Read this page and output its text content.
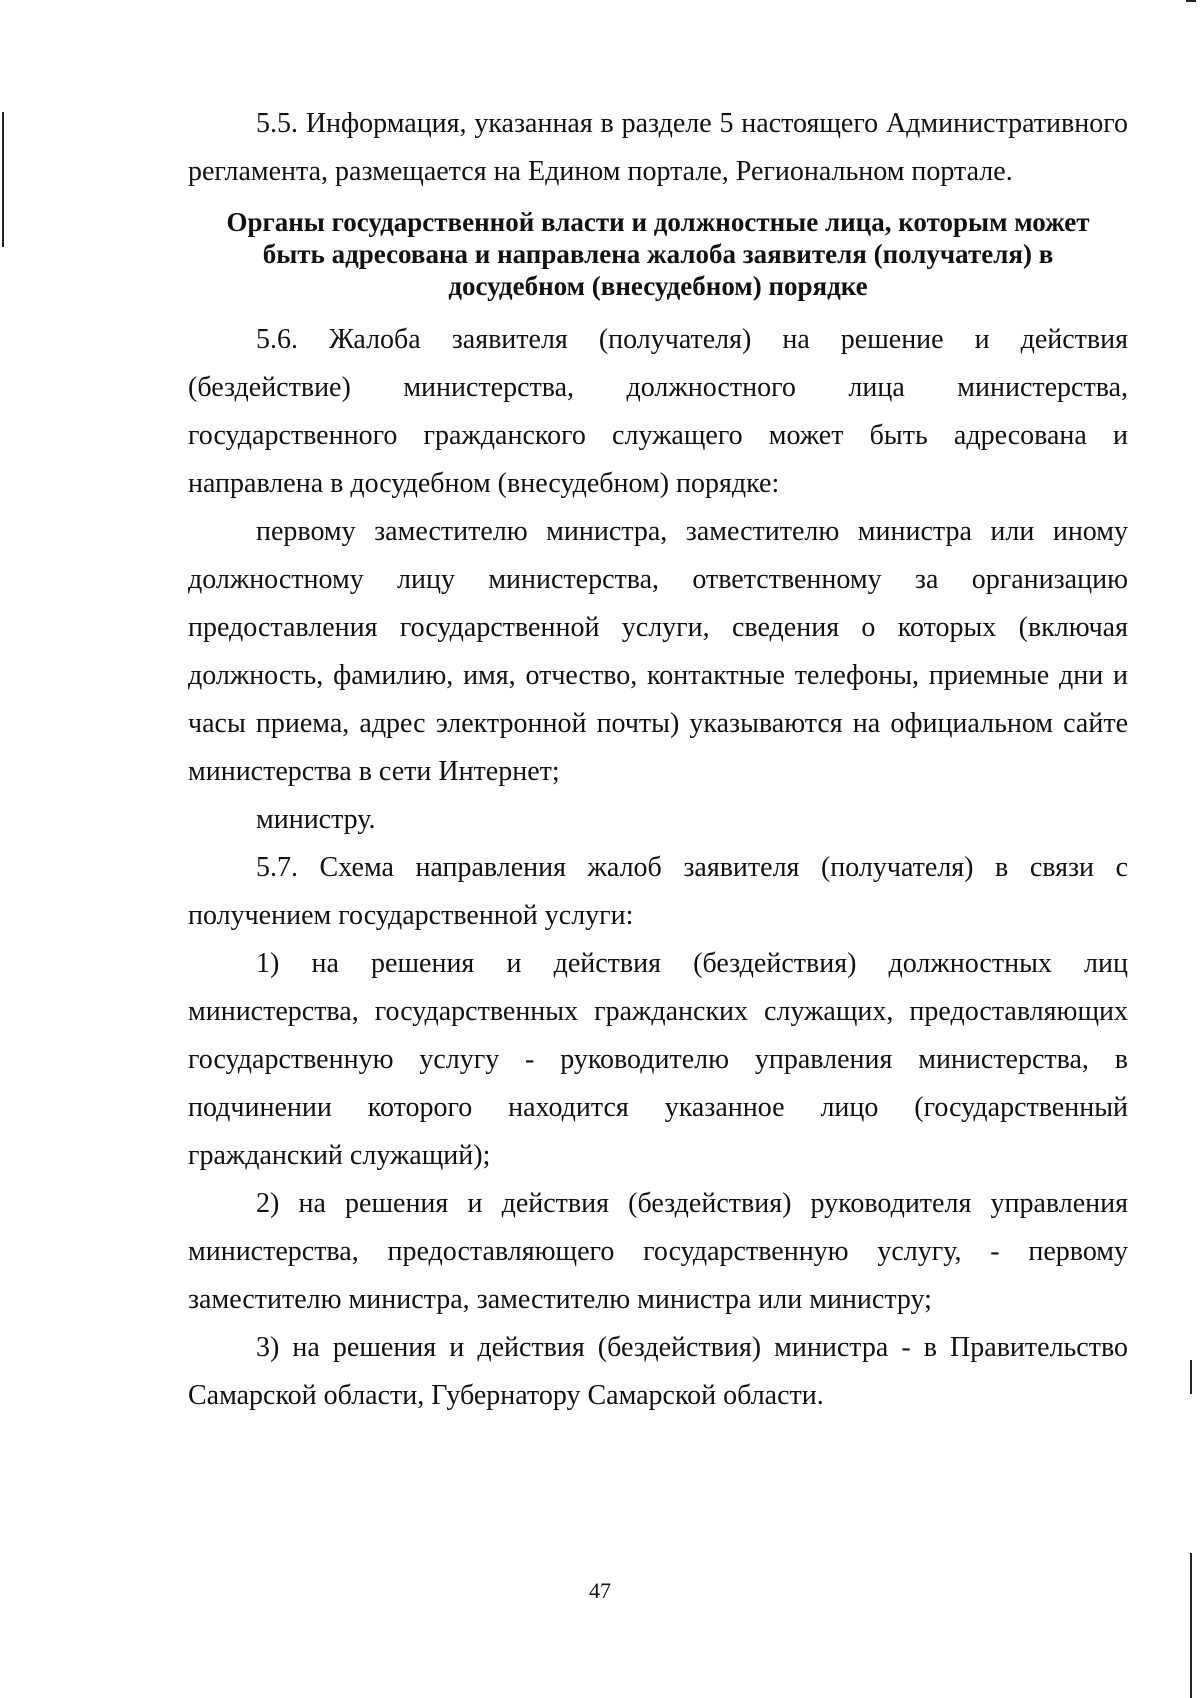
5.5. Информация, указанная в разделе 5 настоящего Административного регламента, размещается на Едином портале, Региональном портале.

Органы государственной власти и должностные лица, которым может быть адресована и направлена жалоба заявителя (получателя) в досудебном (внесудебном) порядке

5.6. Жалоба заявителя (получателя) на решение и действия (бездействие) министерства, должностного лица министерства, государственного гражданского служащего может быть адресована и направлена в досудебном (внесудебном) порядке:

первому заместителю министра, заместителю министра или иному должностному лицу министерства, ответственному за организацию предоставления государственной услуги, сведения о которых (включая должность, фамилию, имя, отчество, контактные телефоны, приемные дни и часы приема, адрес электронной почты) указываются на официальном сайте министерства в сети Интернет;

министру.

5.7. Схема направления жалоб заявителя (получателя) в связи с получением государственной услуги:

1) на решения и действия (бездействия) должностных лиц министерства, государственных гражданских служащих, предоставляющих государственную услугу - руководителю управления министерства, в подчинении которого находится указанное лицо (государственный гражданский служащий);

2) на решения и действия (бездействия) руководителя управления министерства, предоставляющего государственную услугу, - первому заместителю министра, заместителю министра или министру;

3) на решения и действия (бездействия) министра - в Правительство Самарской области, Губернатору Самарской области.

47
